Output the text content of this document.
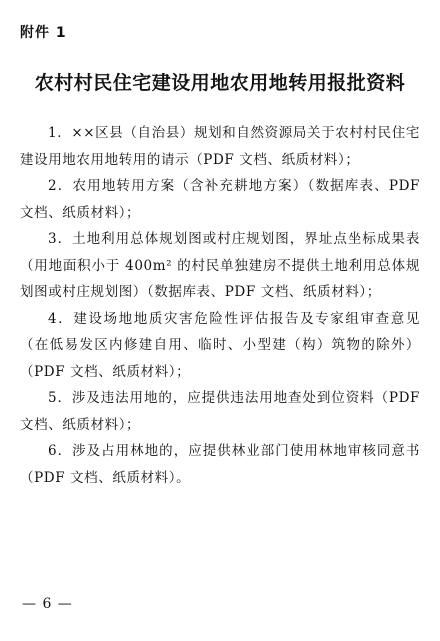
附件 1
农村村民住宅建设用地农用地转用报批资料

1．××区县（自治县）规划和自然资源局关于农村村民住宅建设用地农用地转用的请示（PDF 文档、纸质材料）；

2．农用地转用方案（含补充耕地方案）（数据库表、PDF 文档、纸质材料）；

3．土地利用总体规划图或村庄规划图，界址点坐标成果表（用地面积小于 400m² 的村民单独建房不提供土地利用总体规划图或村庄规划图）（数据库表、PDF 文档、纸质材料）；

4．建设场地地质灾害危险性评估报告及专家组审查意见（在低易发区内修建自用、临时、小型建（构）筑物的除外）（PDF 文档、纸质材料）；

5．涉及违法用地的，应提供违法用地查处到位资料（PDF 文档、纸质材料）；

6．涉及占用林地的，应提供林业部门使用林地审核同意书（PDF 文档、纸质材料）。

— 6 —
